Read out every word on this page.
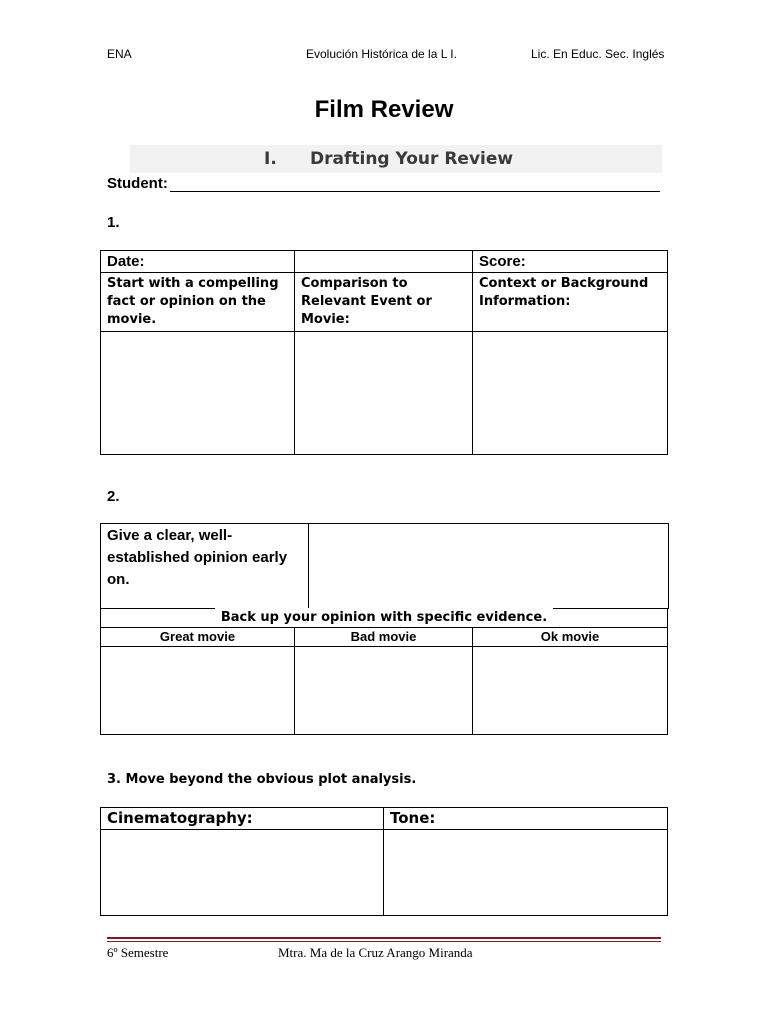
ENA	Evolución Histórica de la L I.	Lic. En Educ. Sec. Inglés
Film Review
I. Drafting Your Review
Student:
1.
Date:		Score:
Start with a compelling fact or opinion on the movie.	Comparison to Relevant Event or Movie:	Context or Background Information:

2.
Give a clear, well-established opinion early on.
Back up your opinion with specific evidence.
Great movie	Bad movie	Ok movie

3. Move beyond the obvious plot analysis.
Cinematography:	Tone:

6º Semestre	Mtra. Ma de la Cruz Arango Miranda
